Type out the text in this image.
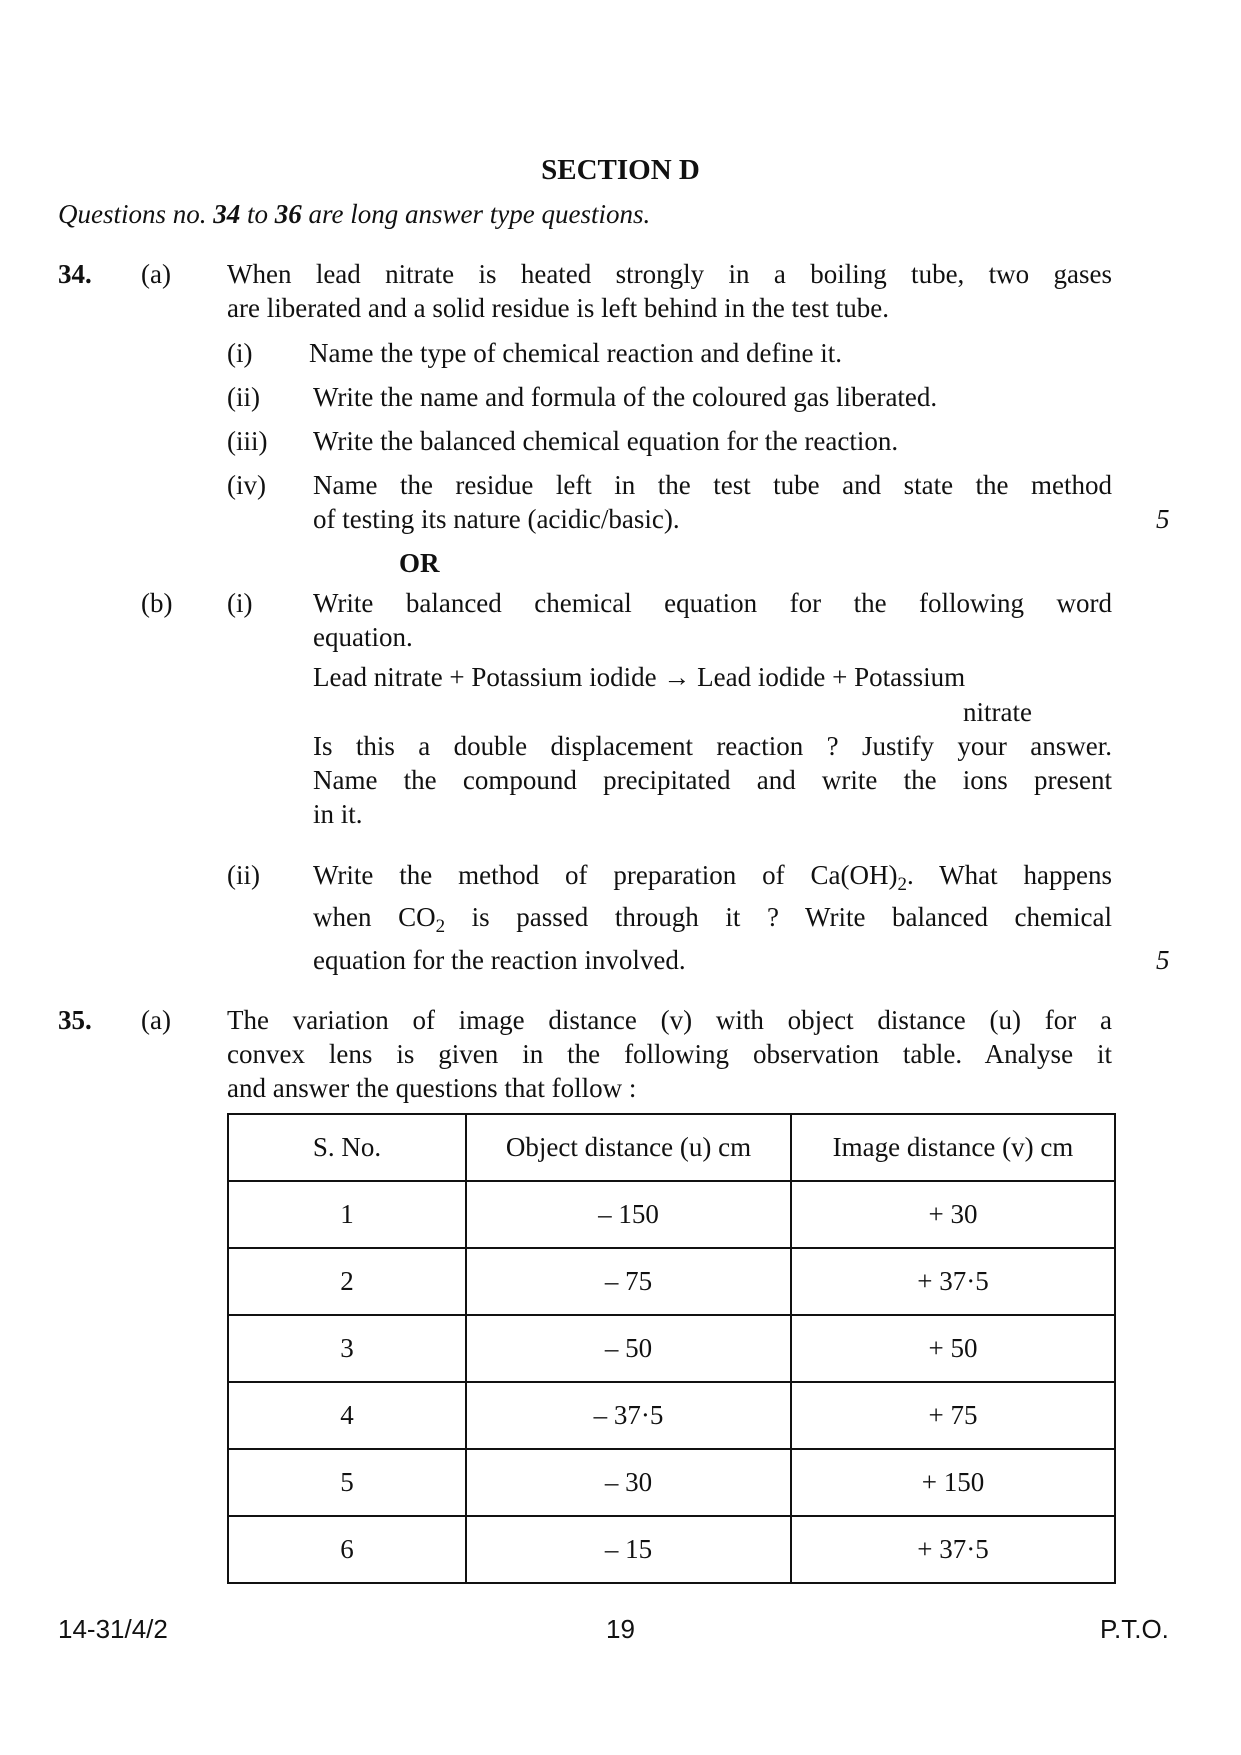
SECTION D
Questions no. 34 to 36 are long answer type questions.
34. (a) When lead nitrate is heated strongly in a boiling tube, two gases
are liberated and a solid residue is left behind in the test tube.
(i) Name the type of chemical reaction and define it.
(ii) Write the name and formula of the coloured gas liberated.
(iii) Write the balanced chemical equation for the reaction.
(iv) Name the residue left in the test tube and state the method
of testing its nature (acidic/basic).	5
OR
(b) (i) Write balanced chemical equation for the following word
equation.
Lead nitrate + Potassium iodide → Lead iodide + Potassium
nitrate
Is this a double displacement reaction ? Justify your answer.
Name the compound precipitated and write the ions present
in it.
(ii) Write the method of preparation of $Ca(OH)_2$. What happens
when $CO_2$ is passed through it ? Write balanced chemical
equation for the reaction involved.	5
35. (a) The variation of image distance (v) with object distance (u) for a
convex lens is given in the following observation table. Analyse it
and answer the questions that follow :
S. No.	Object distance (u) cm	Image distance (v) cm
1	– 150	+ 30
2	– 75	+ 37·5
3	– 50	+ 50
4	– 37·5	+ 75
5	– 30	+ 150
6	– 15	+ 37·5
14-31/4/2	19	P.T.O.
